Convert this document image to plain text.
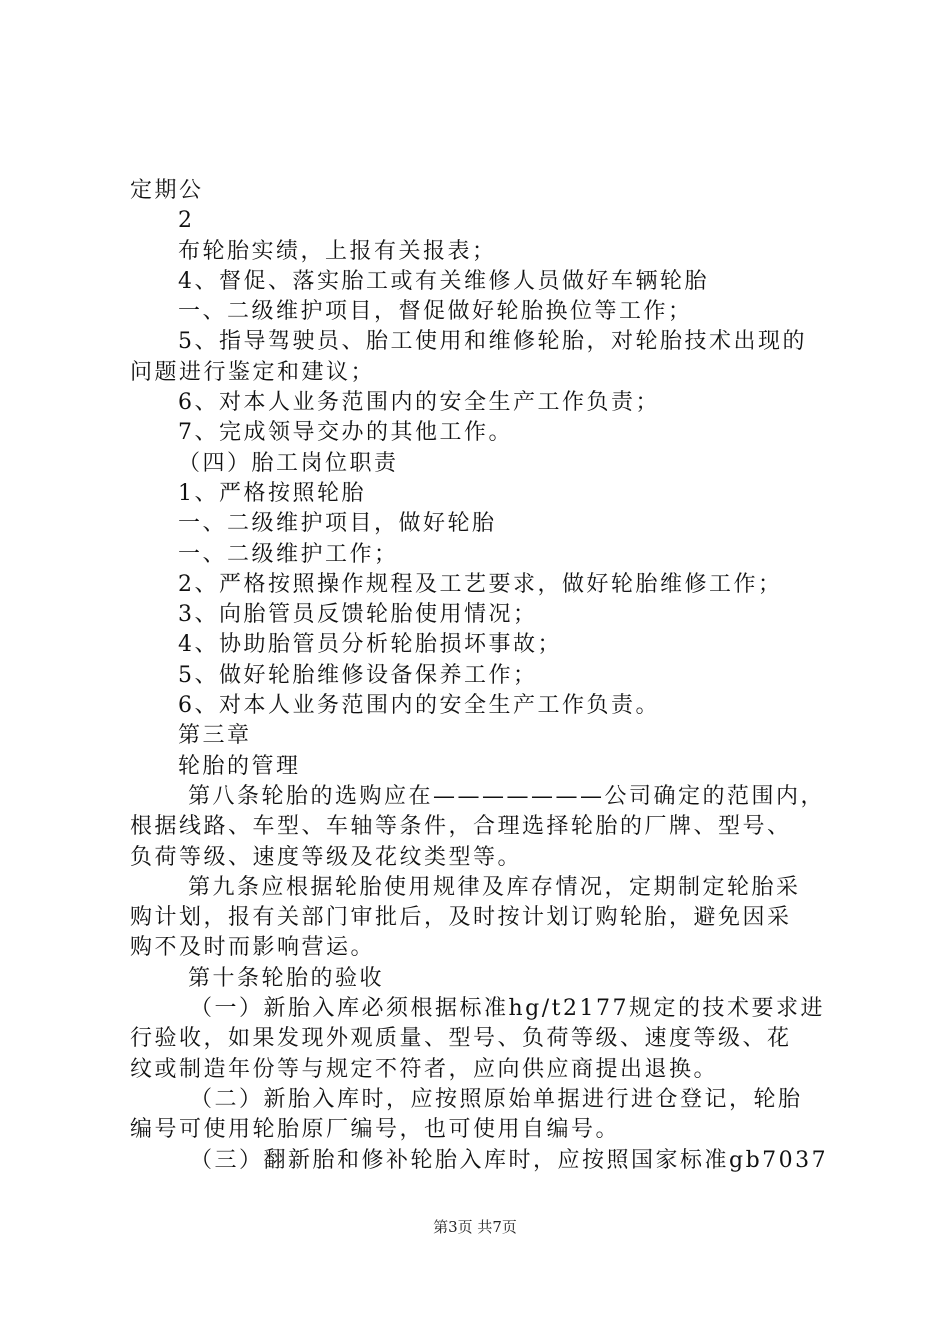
定期公
2
布轮胎实绩，上报有关报表；
4、督促、落实胎工或有关维修人员做好车辆轮胎
一、二级维护项目，督促做好轮胎换位等工作；
5、指导驾驶员、胎工使用和维修轮胎，对轮胎技术出现的
问题进行鉴定和建议；
6、对本人业务范围内的安全生产工作负责；
7、完成领导交办的其他工作。
（四）胎工岗位职责
1、严格按照轮胎
一、二级维护项目，做好轮胎
一、二级维护工作；
2、严格按照操作规程及工艺要求，做好轮胎维修工作；
3、向胎管员反馈轮胎使用情况；
4、协助胎管员分析轮胎损坏事故；
5、做好轮胎维修设备保养工作；
6、对本人业务范围内的安全生产工作负责。
第三章
轮胎的管理
第八条轮胎的选购应在———————公司确定的范围内，
根据线路、车型、车轴等条件，合理选择轮胎的厂牌、型号、
负荷等级、速度等级及花纹类型等。
第九条应根据轮胎使用规律及库存情况，定期制定轮胎采
购计划，报有关部门审批后，及时按计划订购轮胎，避免因采
购不及时而影响营运。
第十条轮胎的验收
（一）新胎入库必须根据标准hg/t2177规定的技术要求进
行验收，如果发现外观质量、型号、负荷等级、速度等级、花
纹或制造年份等与规定不符者，应向供应商提出退换。
（二）新胎入库时，应按照原始单据进行进仓登记，轮胎
编号可使用轮胎原厂编号，也可使用自编号。
（三）翻新胎和修补轮胎入库时，应按照国家标准gb7037
第3页 共7页
